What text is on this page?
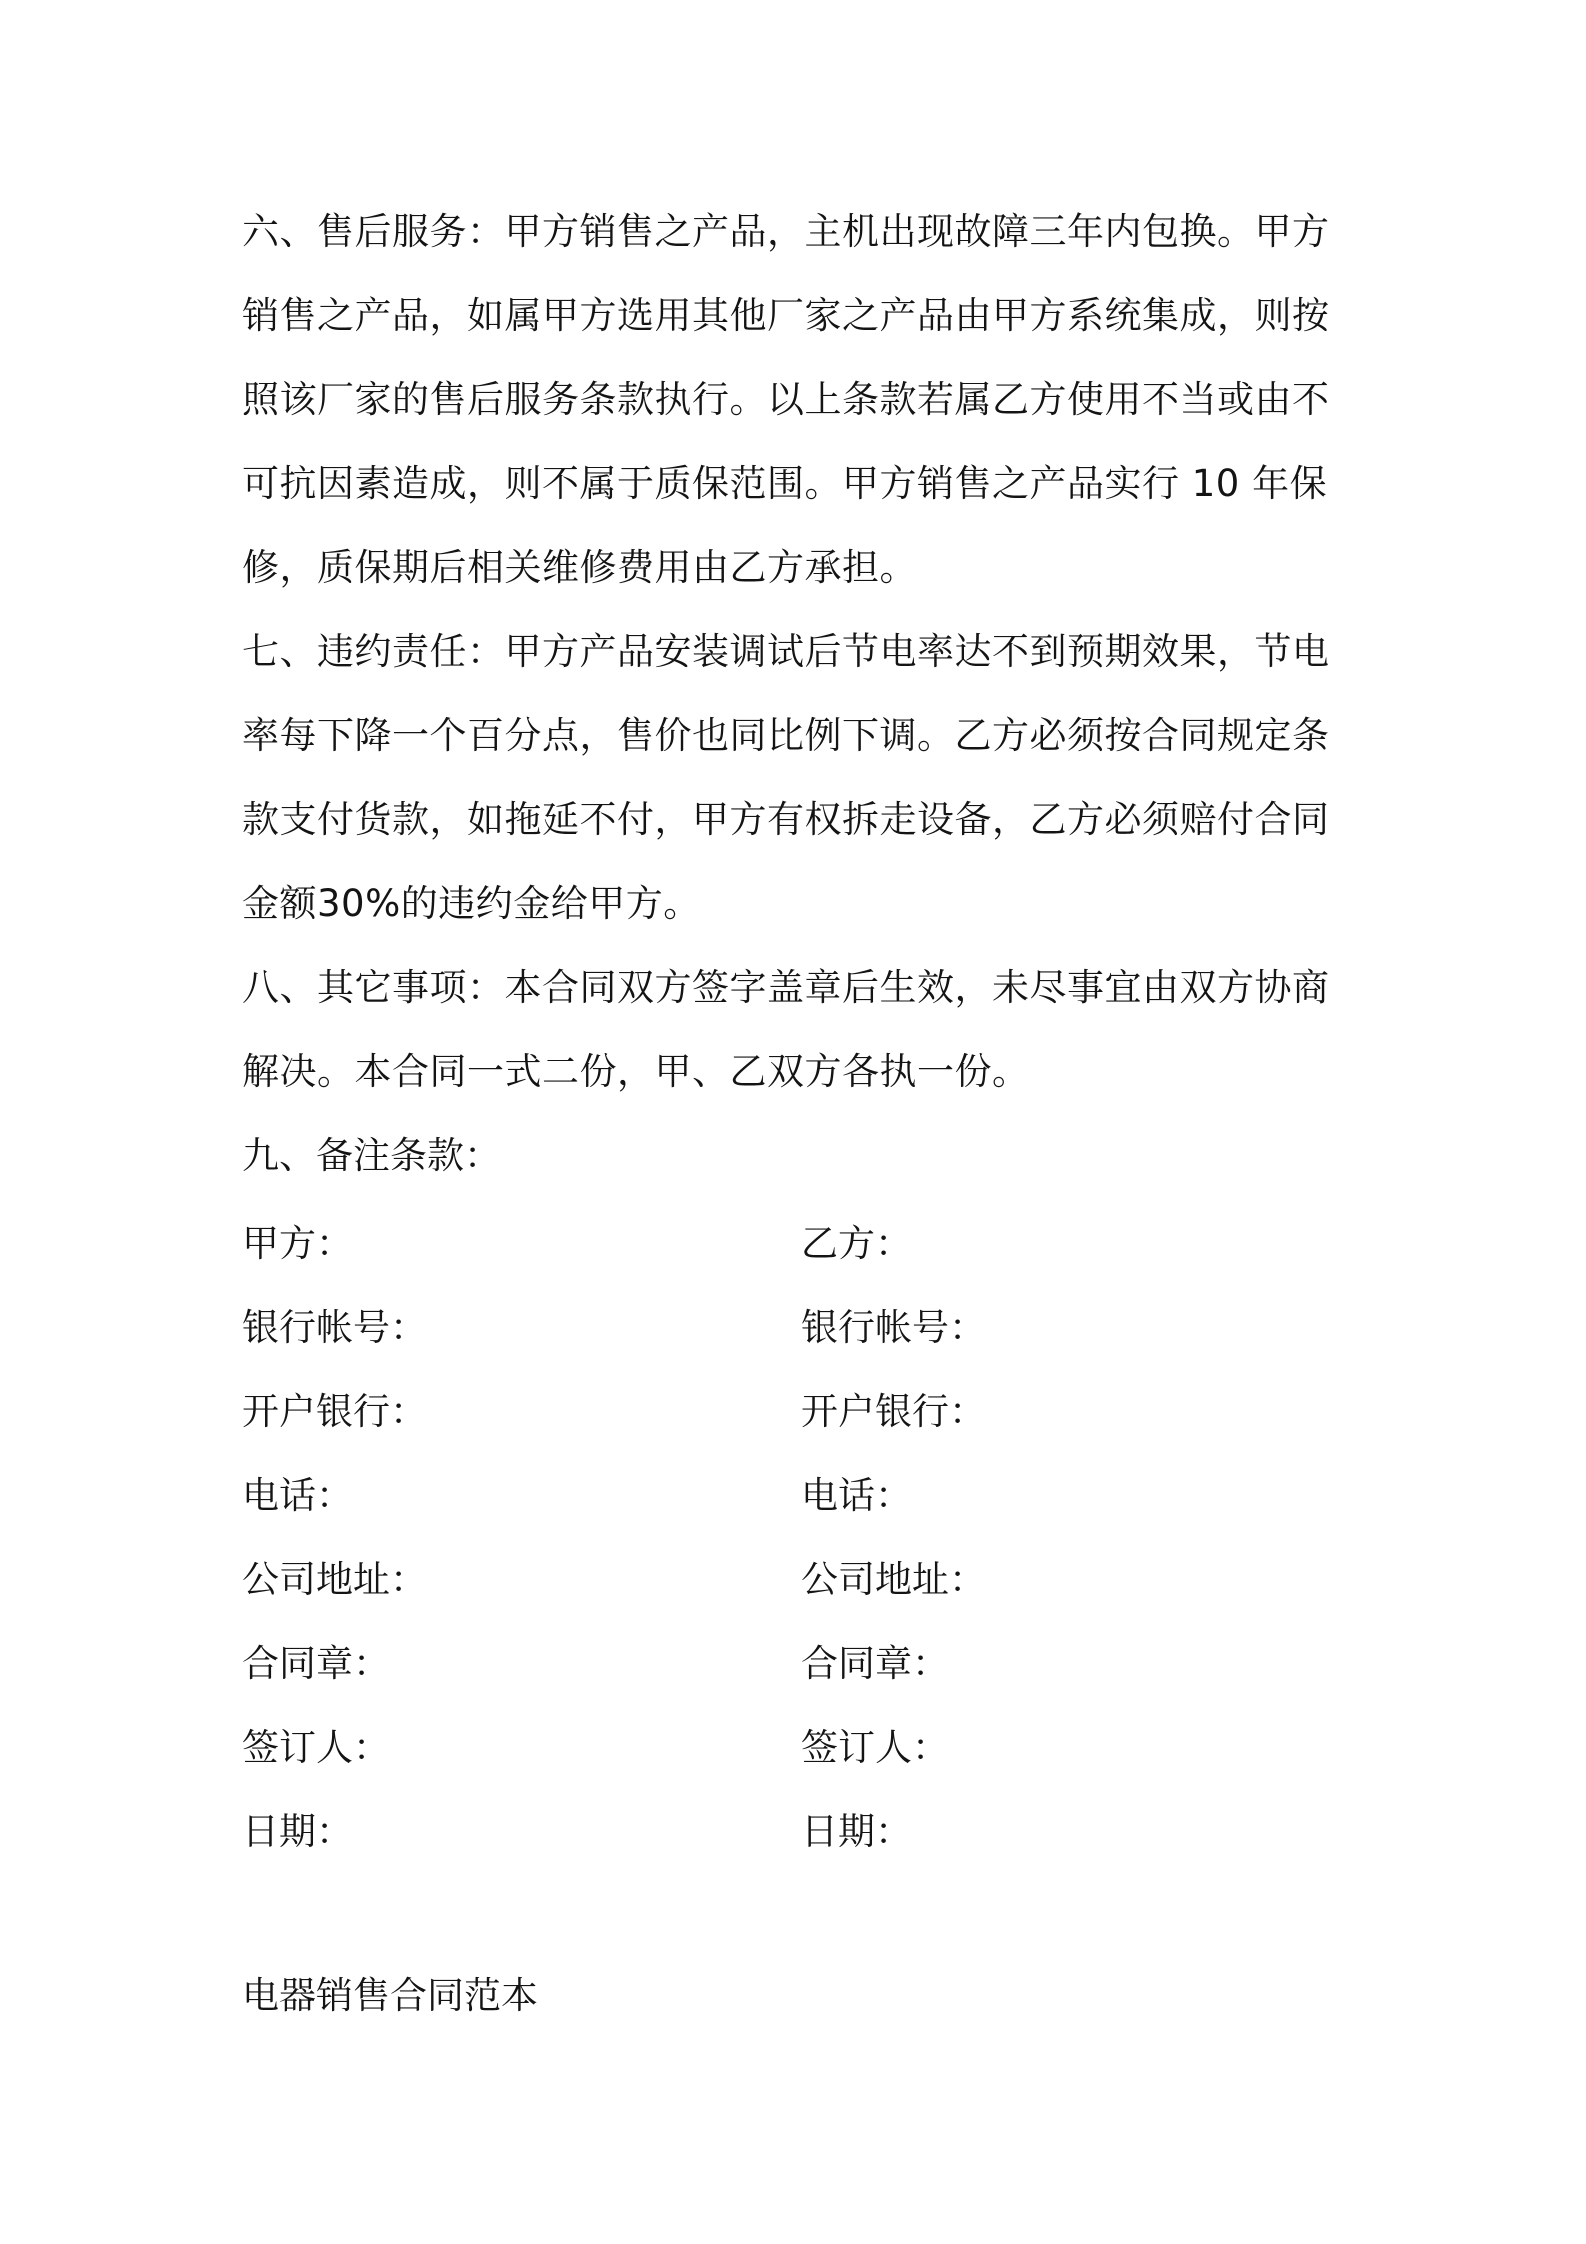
六、售后服务：甲方销售之产品，主机出现故障三年内包换。甲方销售之产品，如属甲方选用其他厂家之产品由甲方系统集成，则按照该厂家的售后服务条款执行。以上条款若属乙方使用不当或由不可抗因素造成，则不属于质保范围。甲方销售之产品实行 10 年保修，质保期后相关维修费用由乙方承担。

七、违约责任：甲方产品安装调试后节电率达不到预期效果，节电率每下降一个百分点，售价也同比例下调。乙方必须按合同规定条款支付货款，如拖延不付，甲方有权拆走设备，乙方必须赔付合同金额30%的违约金给甲方。

八、其它事项：本合同双方签字盖章后生效，未尽事宜由双方协商解决。本合同一式二份，甲、乙双方各执一份。

九、备注条款：

甲方：	乙方：
银行帐号：	银行帐号：
开户银行：	开户银行：
电话：	电话：
公司地址：	公司地址：
合同章：	合同章：
签订人：	签订人：
日期：	日期：

电器销售合同范本
